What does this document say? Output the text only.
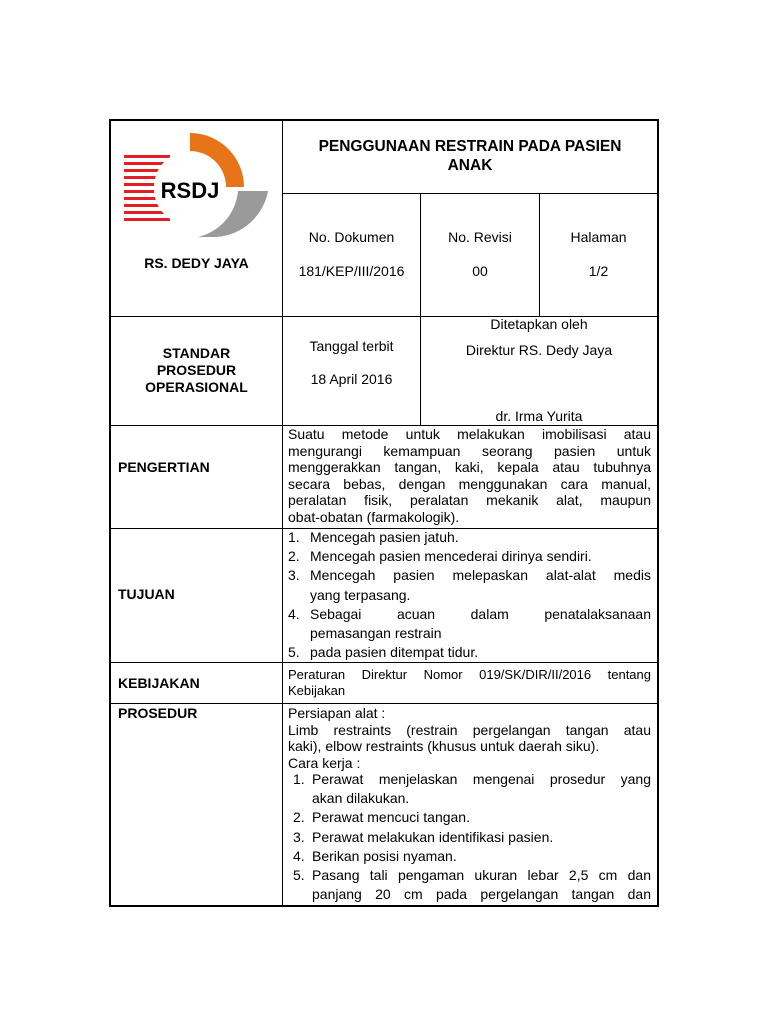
RSDJ
RS. DEDY JAYA
PENGGUNAAN RESTRAIN PADA PASIEN
ANAK
No. Dokumen
181/KEP/III/2016
No. Revisi
00
Halaman
1/2
STANDAR
PROSEDUR
OPERASIONAL
Tanggal terbit
18 April 2016
Ditetapkan oleh
Direktur RS. Dedy Jaya
dr. Irma Yurita
PENGERTIAN
Suatu metode untuk melakukan imobilisasi atau
mengurangi kemampuan seorang pasien untuk
menggerakkan tangan, kaki, kepala atau tubuhnya
secara bebas, dengan menggunakan cara manual,
peralatan fisik, peralatan mekanik alat, maupun
obat-obatan (farmakologik).
TUJUAN
1. Mencegah pasien jatuh.
2. Mencegah pasien mencederai dirinya sendiri.
3. Mencegah pasien melepaskan alat-alat medis
yang terpasang.
4. Sebagai acuan dalam penatalaksanaan
pemasangan restrain
5. pada pasien ditempat tidur.
KEBIJAKAN
Peraturan Direktur Nomor 019/SK/DIR/II/2016 tentang
Kebijakan
PROSEDUR	Persiapan alat :
Limb restraints (restrain pergelangan tangan atau
kaki), elbow restraints (khusus untuk daerah siku).
Cara kerja :
1. Perawat menjelaskan mengenai prosedur yang
akan dilakukan.
2. Perawat mencuci tangan.
3. Perawat melakukan identifikasi pasien.
4. Berikan posisi nyaman.
5. Pasang tali pengaman ukuran lebar 2,5 cm dan
panjang 20 cm pada pergelangan tangan dan
